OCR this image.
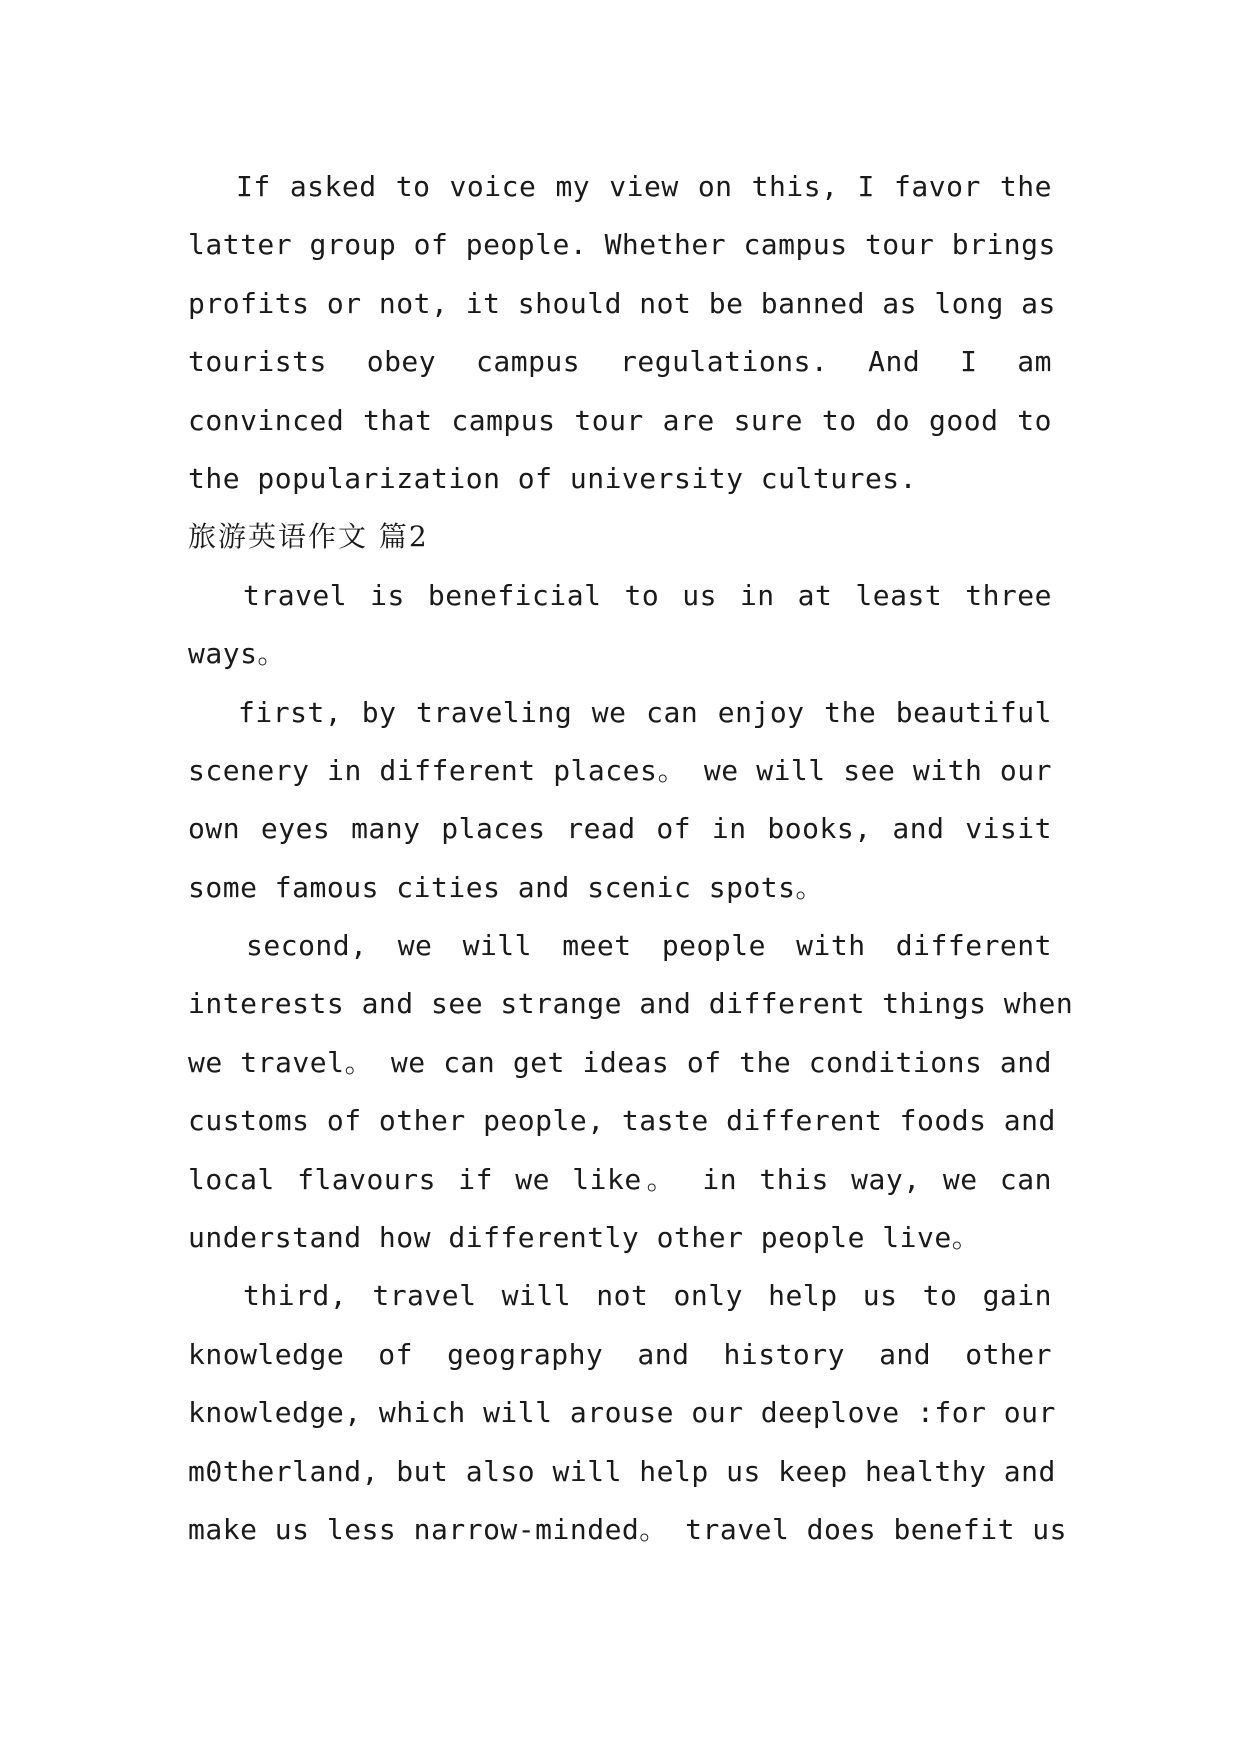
If asked to voice my view on this, I favor the
latter group of people. Whether campus tour brings
profits or not, it should not be banned as long as
tourists obey campus regulations. And I am
convinced that campus tour are sure to do good to
the popularization of university cultures.
旅游英语作文 篇2
travel is beneficial to us in at least three
ways。
first, by traveling we can enjoy the beautiful
scenery in different places。 we will see with our
own eyes many places read of in books, and visit
some famous cities and scenic spots。
second, we will meet people with different
interests and see strange and different things when
we travel。 we can get ideas of the conditions and
customs of other people, taste different foods and
local flavours if we like。 in this way, we can
understand how differently other people live。
third, travel will not only help us to gain
knowledge of geography and history and other
knowledge, which will arouse our deeplove :for our
m0therland, but also will help us keep healthy and
make us less narrow-minded。 travel does benefit us
